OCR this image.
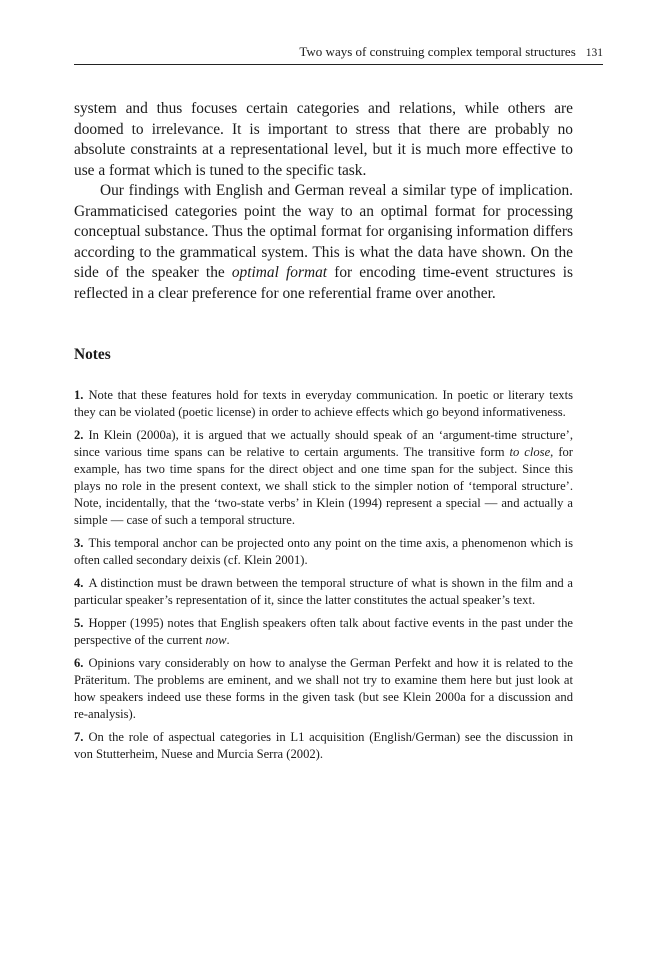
Two ways of construing complex temporal structures 131

system and thus focuses certain categories and relations, while others are doomed to irrelevance. It is important to stress that there are probably no absolute constraints at a representational level, but it is much more effective to use a format which is tuned to the specific task.

Our findings with English and German reveal a similar type of implication. Grammaticised categories point the way to an optimal format for processing conceptual substance. Thus the optimal format for organising information differs according to the grammatical system. This is what the data have shown. On the side of the speaker the optimal format for encoding time-event structures is reflected in a clear preference for one referential frame over another.

Notes

1. Note that these features hold for texts in everyday communication. In poetic or literary texts they can be violated (poetic license) in order to achieve effects which go beyond informativeness.

2. In Klein (2000a), it is argued that we actually should speak of an ‘argument-time structure’, since various time spans can be relative to certain arguments. The transitive form to close, for example, has two time spans for the direct object and one time span for the subject. Since this plays no role in the present context, we shall stick to the simpler notion of ‘temporal structure’. Note, incidentally, that the ‘two-state verbs’ in Klein (1994) represent a special — and actually a simple — case of such a temporal structure.

3. This temporal anchor can be projected onto any point on the time axis, a phenomenon which is often called secondary deixis (cf. Klein 2001).

4. A distinction must be drawn between the temporal structure of what is shown in the film and a particular speaker’s representation of it, since the latter constitutes the actual speaker’s text.

5. Hopper (1995) notes that English speakers often talk about factive events in the past under the perspective of the current now.

6. Opinions vary considerably on how to analyse the German Perfekt and how it is related to the Präteritum. The problems are eminent, and we shall not try to examine them here but just look at how speakers indeed use these forms in the given task (but see Klein 2000a for a discussion and re-analysis).

7. On the role of aspectual categories in L1 acquisition (English/German) see the discussion in von Stutterheim, Nuese and Murcia Serra (2002).
